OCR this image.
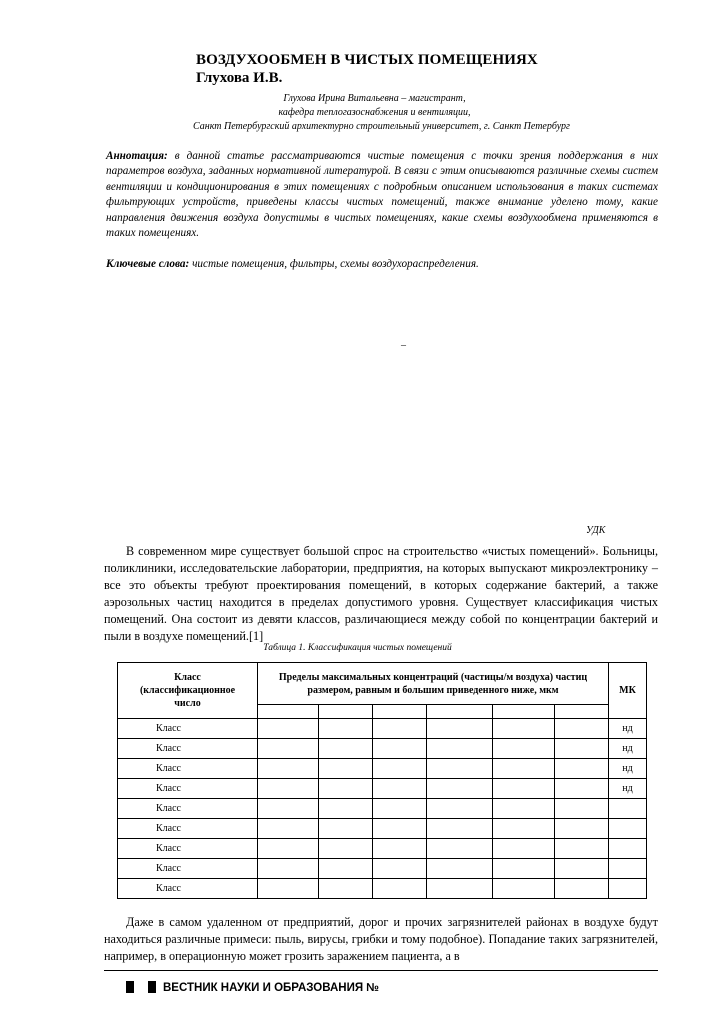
ВОЗДУХООБМЕН В ЧИСТЫХ ПОМЕЩЕНИЯХ
Глухова И.В.
Глухова Ирина Витальевна – магистрант,
кафедра теплогазоснабжения и вентиляции,
Санкт Петербургский архитектурно строительный университет, г. Санкт Петербург
Аннотация: в данной статье рассматриваются чистые помещения с точки зрения поддержания в них параметров воздуха, заданных нормативной литературой. В связи с этим описываются различные схемы систем вентиляции и кондиционирования в этих помещениях с подробным описанием использования в таких системах фильтрующих устройств, приведены классы чистых помещений, также внимание уделено тому, какие направления движения воздуха допустимы в чистых помещениях, какие схемы воздухообмена применяются в таких помещениях.
Ключевые слова: чистые помещения, фильтры, схемы воздухораспределения.
–
УДК
В современном мире существует большой спрос на строительство «чистых помещений». Больницы, поликлиники, исследовательские лаборатории, предприятия, на которых выпускают микроэлектронику – все это объекты требуют проектирования помещений, в которых содержание бактерий, а также аэрозольных частиц находится в пределах допустимого уровня. Существует классификация чистых помещений. Она состоит из девяти классов, различающиеся между собой по концентрации бактерий и пыли в воздухе помещений.[1]
Таблица 1. Классификация чистых помещений
Класс (классификационное число	Пределы максимальных концентраций (частицы/м воздуха) частиц размером, равным и большим приведенного ниже, мкм						МК

Класс							нд
Класс							нд
Класс							нд
Класс							нд
Класс							
Класс							
Класс							
Класс							
Класс							
Даже в самом удаленном от предприятий, дорог и прочих загрязнителей районах в воздухе будут находиться различные примеси: пыль, вирусы, грибки и тому подобное). Попадание таких загрязнителей, например, в операционную может грозить заражением пациента, а в
ВЕСТНИК НАУКИ И ОБРАЗОВАНИЯ №
